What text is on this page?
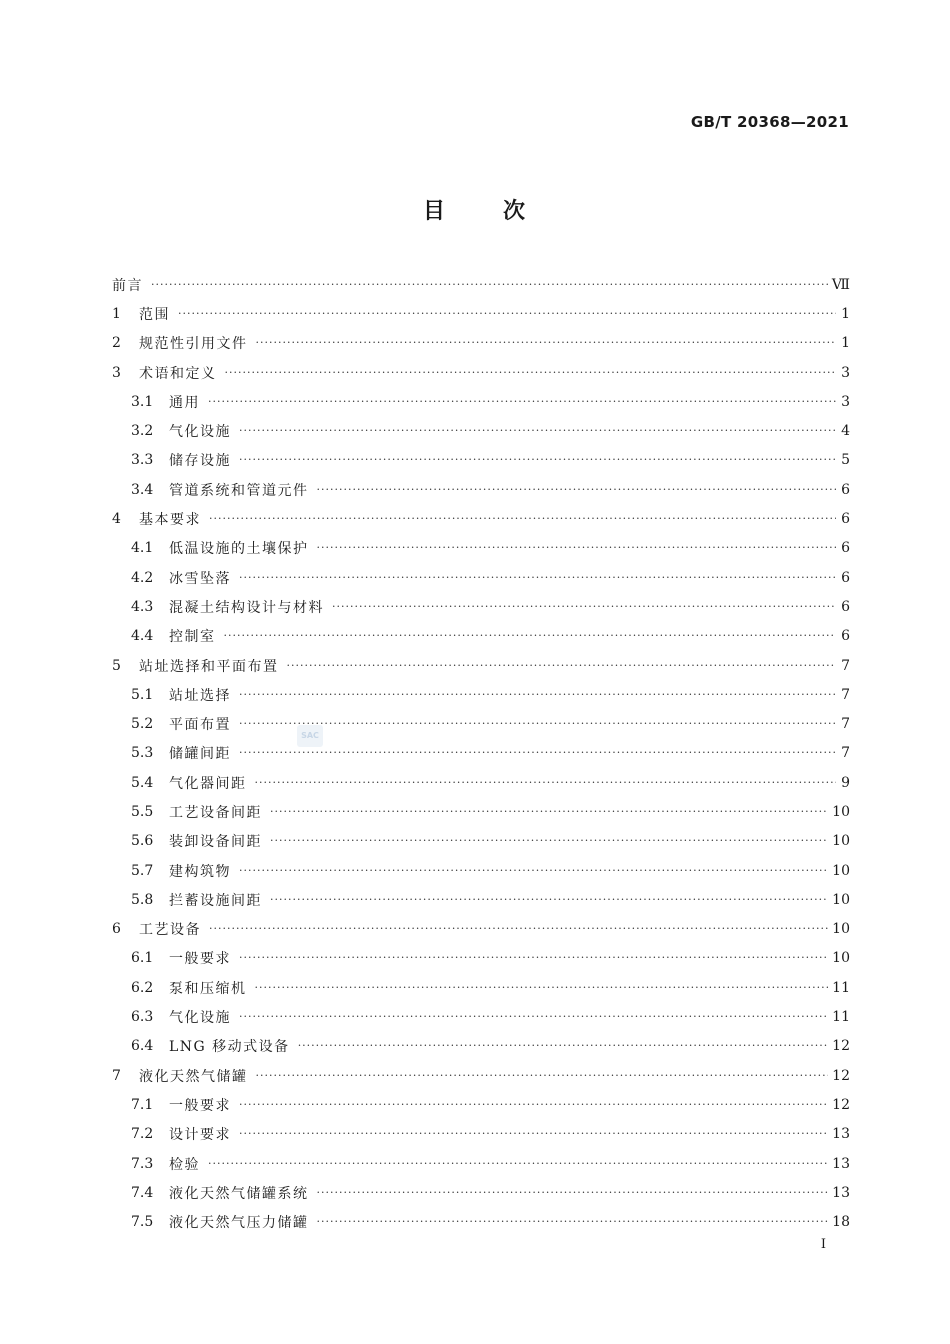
GB/T 20368—2021
目	次
前言 ·····	Ⅶ
1	范围 ·····	1
2	规范性引用文件 ·····	1
3	术语和定义 ·····	3
3.1	通用 ·····	3
3.2	气化设施 ·····	4
3.3	储存设施 ·····	5
3.4	管道系统和管道元件 ·····	6
4	基本要求 ·····	6
4.1	低温设施的土壤保护 ·····	6
4.2	冰雪坠落 ·····	6
4.3	混凝土结构设计与材料 ·····	6
4.4	控制室 ·····	6
5	站址选择和平面布置 ·····	7
5.1	站址选择 ·····	7
5.2	平面布置 ·····	7
5.3	储罐间距 ·····	7
5.4	气化器间距 ·····	9
5.5	工艺设备间距 ·····	10
5.6	装卸设备间距 ·····	10
5.7	建构筑物 ·····	10
5.8	拦蓄设施间距 ·····	10
6	工艺设备 ·····	10
6.1	一般要求 ·····	10
6.2	泵和压缩机 ·····	11
6.3	气化设施 ·····	11
6.4	LNG 移动式设备 ·····	12
7	液化天然气储罐 ·····	12
7.1	一般要求 ·····	12
7.2	设计要求 ·····	13
7.3	检验 ·····	13
7.4	液化天然气储罐系统 ·····	13
7.5	液化天然气压力储罐 ·····	18
SAC
I
